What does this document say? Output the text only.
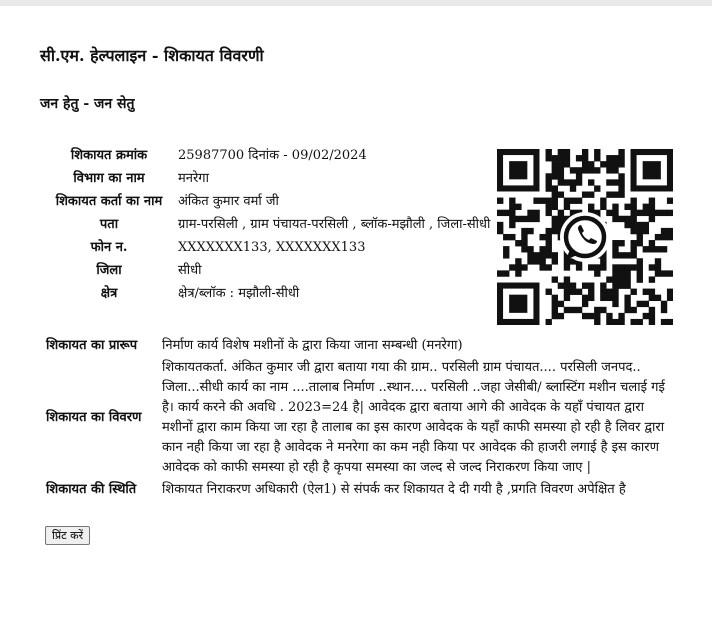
सी.एम. हेल्पलाइन - शिकायत विवरणी
जन हेतु - जन सेतु
शिकायत क्रमांक	25987700 दिनांक - 09/02/2024
विभाग का नाम	मनरेगा
शिकायत कर्ता का नाम	अंकित कुमार वर्मा जी
पता	ग्राम-परसिली , ग्राम पंचायत-परसिली , ब्लॉक-मझौली , जिला-सीधी
फोन न.	XXXXXXX133, XXXXXXX133
जिला	सीधी
क्षेत्र	क्षेत्र/ब्लॉक : मझौली-सीधी
शिकायत का प्रारूप	निर्माण कार्य विशेष मशीनों के द्वारा किया जाना सम्बन्धी (मनरेगा)
शिकायत का विवरण	शिकायतकर्ता. अंकित कुमार जी द्वारा बताया गया की ग्राम.. परसिली ग्राम पंचायत.... परसिली जनपद.. जिला...सीधी कार्य का नाम ....तालाब निर्माण ..स्थान.... परसिली ..जहा जेसीबी/ ब्लास्टिंग मशीन चलाई गई है। कार्य करने की अवधि . 2023=24 है| आवेदक द्वारा बताया आगे की आवेदक के यहाँ पंचायत द्वारा मशीनों द्वारा काम किया जा रहा है तालाब का इस कारण आवेदक के यहाँ काफी समस्या हो रही है लिवर द्वारा कान नही किया जा रहा है आवेदक ने मनरेगा का कम नही किया पर आवेदक की हाजरी लगाई है इस कारण आवेदक को काफी समस्या हो रही है कृपया समस्या का जल्द से जल्द निराकरण किया जाए |
शिकायत की स्थिति	शिकायत निराकरण अधिकारी (ऐल1) से संपर्क कर शिकायत दे दी गयी है ,प्रगति विवरण अपेक्षित है
प्रिंट करें
